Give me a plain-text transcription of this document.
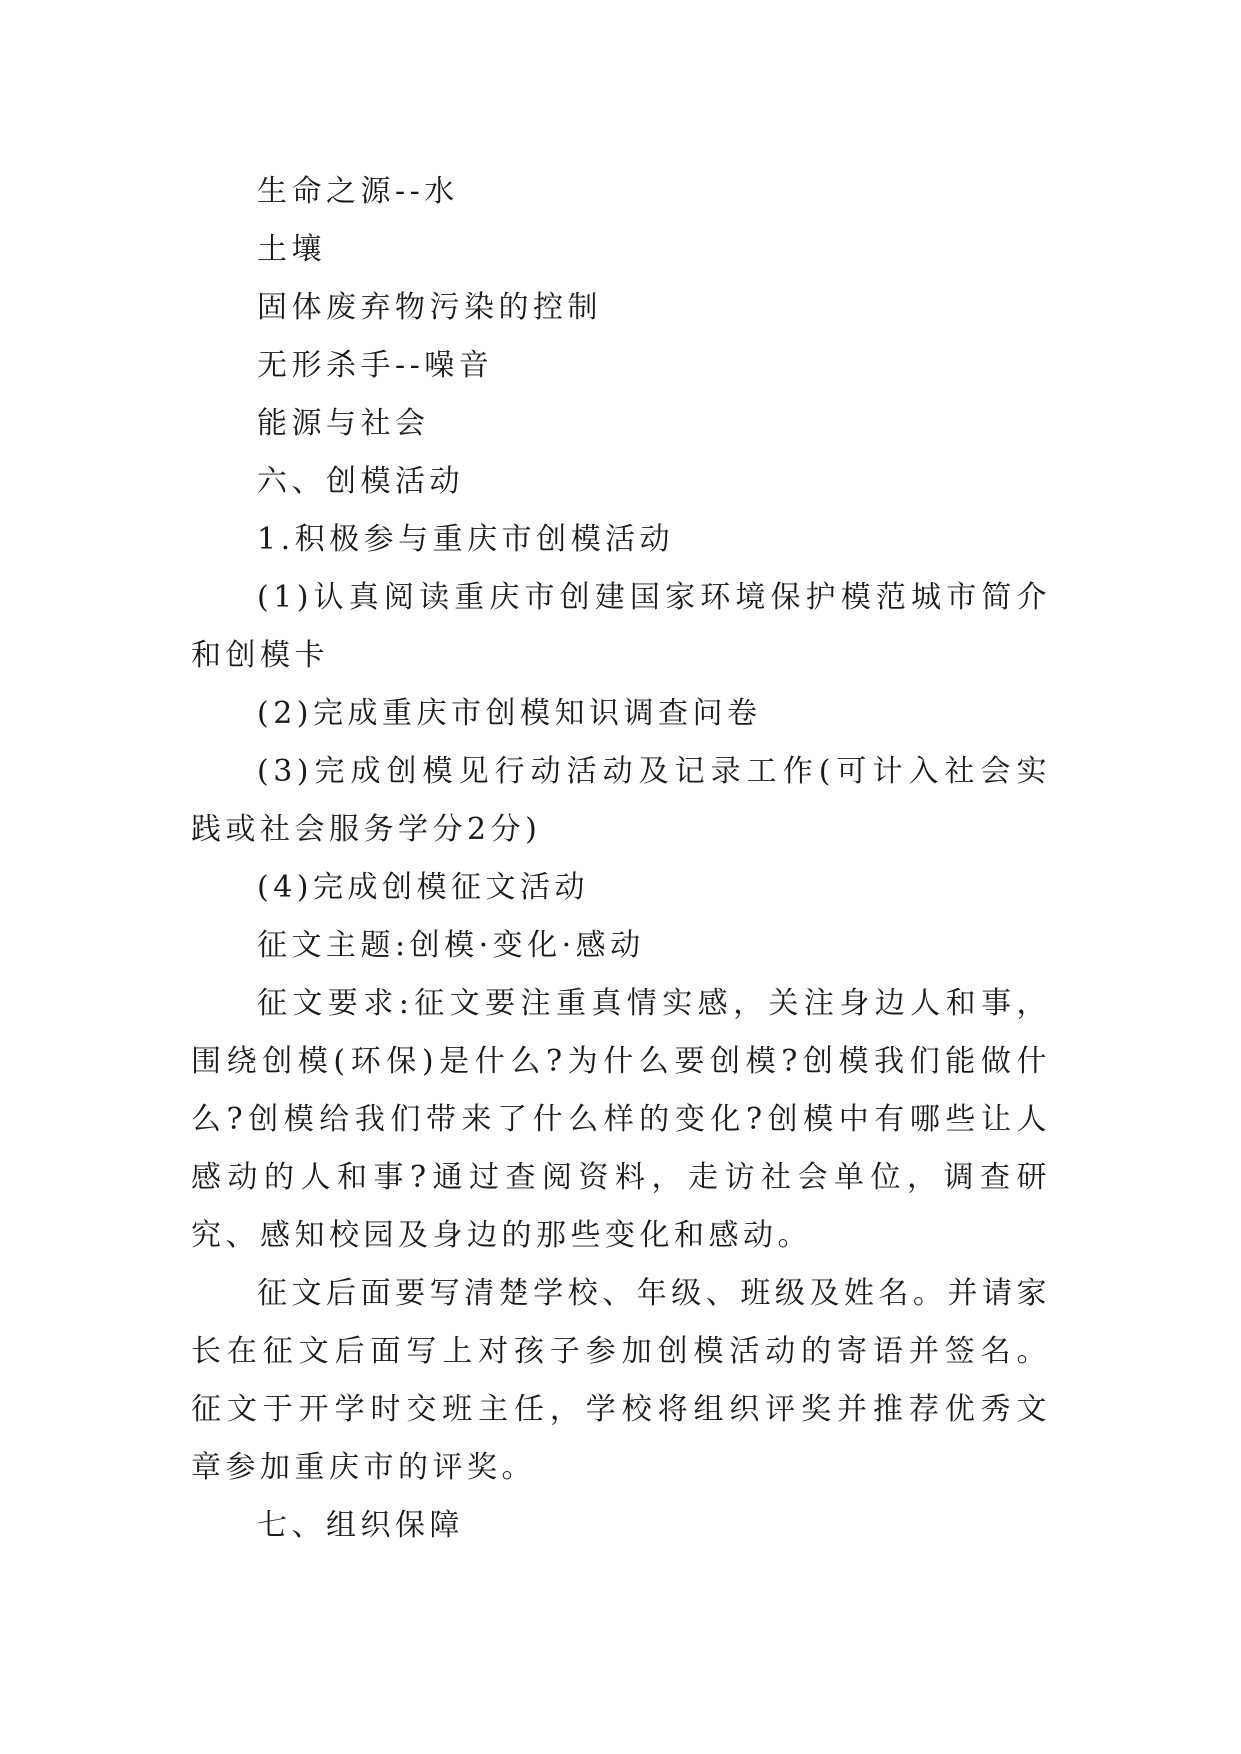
生命之源--水

土壤

固体废弃物污染的控制

无形杀手--噪音

能源与社会

六、创模活动

1.积极参与重庆市创模活动

(1)认真阅读重庆市创建国家环境保护模范城市简介和创模卡

(2)完成重庆市创模知识调查问卷

(3)完成创模见行动活动及记录工作(可计入社会实践或社会服务学分2分)

(4)完成创模征文活动

征文主题:创模·变化·感动

征文要求:征文要注重真情实感，关注身边人和事，围绕创模(环保)是什么?为什么要创模?创模我们能做什么?创模给我们带来了什么样的变化?创模中有哪些让人感动的人和事?通过查阅资料，走访社会单位，调查研究、感知校园及身边的那些变化和感动。

征文后面要写清楚学校、年级、班级及姓名。并请家长在征文后面写上对孩子参加创模活动的寄语并签名。征文于开学时交班主任，学校将组织评奖并推荐优秀文章参加重庆市的评奖。

七、组织保障
